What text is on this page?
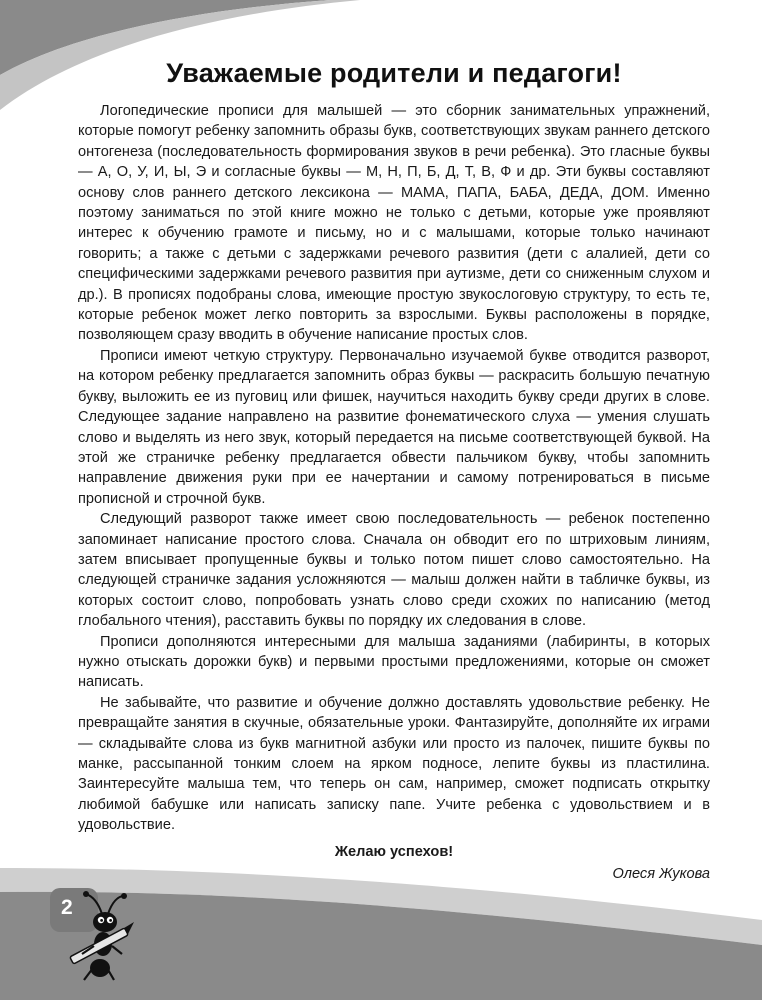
Уважаемые родители и педагоги!

Логопедические прописи для малышей — это сборник занимательных упражнений, которые помогут ребенку запомнить образы букв, соответствующих звукам раннего детского онтогенеза (последовательность формирования звуков в речи ребенка). Это гласные буквы — А, О, У, И, Ы, Э и согласные буквы — М, Н, П, Б, Д, Т, В, Ф и др. Эти буквы составляют основу слов раннего детского лексикона — МАМА, ПАПА, БАБА, ДЕДА, ДОМ. Именно поэтому заниматься по этой книге можно не только с детьми, которые уже проявляют интерес к обучению грамоте и письму, но и с малышами, которые только начинают говорить; а также с детьми с задержками речевого развития (дети с алалией, дети со специфическими задержками речевого развития при аутизме, дети со сниженным слухом и др.). В прописях подобраны слова, имеющие простую звукослоговую структуру, то есть те, которые ребенок может легко повторить за взрослыми. Буквы расположены в порядке, позволяющем сразу вводить в обучение написание простых слов.

Прописи имеют четкую структуру. Первоначально изучаемой букве отводится разворот, на котором ребенку предлагается запомнить образ буквы — раскрасить большую печатную букву, выложить ее из пуговиц или фишек, научиться находить букву среди других в слове. Следующее задание направлено на развитие фонематического слуха — умения слушать слово и выделять из него звук, который передается на письме соответствующей буквой. На этой же страничке ребенку предлагается обвести пальчиком букву, чтобы запомнить направление движения руки при ее начертании и самому потренироваться в письме прописной и строчной букв.

Следующий разворот также имеет свою последовательность — ребенок постепенно запоминает написание простого слова. Сначала он обводит его по штриховым линиям, затем вписывает пропущенные буквы и только потом пишет слово самостоятельно. На следующей страничке задания усложняются — малыш должен найти в табличке буквы, из которых состоит слово, попробовать узнать слово среди схожих по написанию (метод глобального чтения), расставить буквы по порядку их следования в слове.

Прописи дополняются интересными для малыша заданиями (лабиринты, в которых нужно отыскать дорожки букв) и первыми простыми предложениями, которые он сможет написать.

Не забывайте, что развитие и обучение должно доставлять удовольствие ребенку. Не превращайте занятия в скучные, обязательные уроки. Фантазируйте, дополняйте их играми — складывайте слова из букв магнитной азбуки или просто из палочек, пишите буквы по манке, рассыпанной тонким слоем на ярком подносе, лепите буквы из пластилина. Заинтересуйте малыша тем, что теперь он сам, например, сможет подписать открытку любимой бабушке или написать записку папе. Учите ребенка с удовольствием и в удовольствие.

Желаю успехов!

Олеся Жукова

2
